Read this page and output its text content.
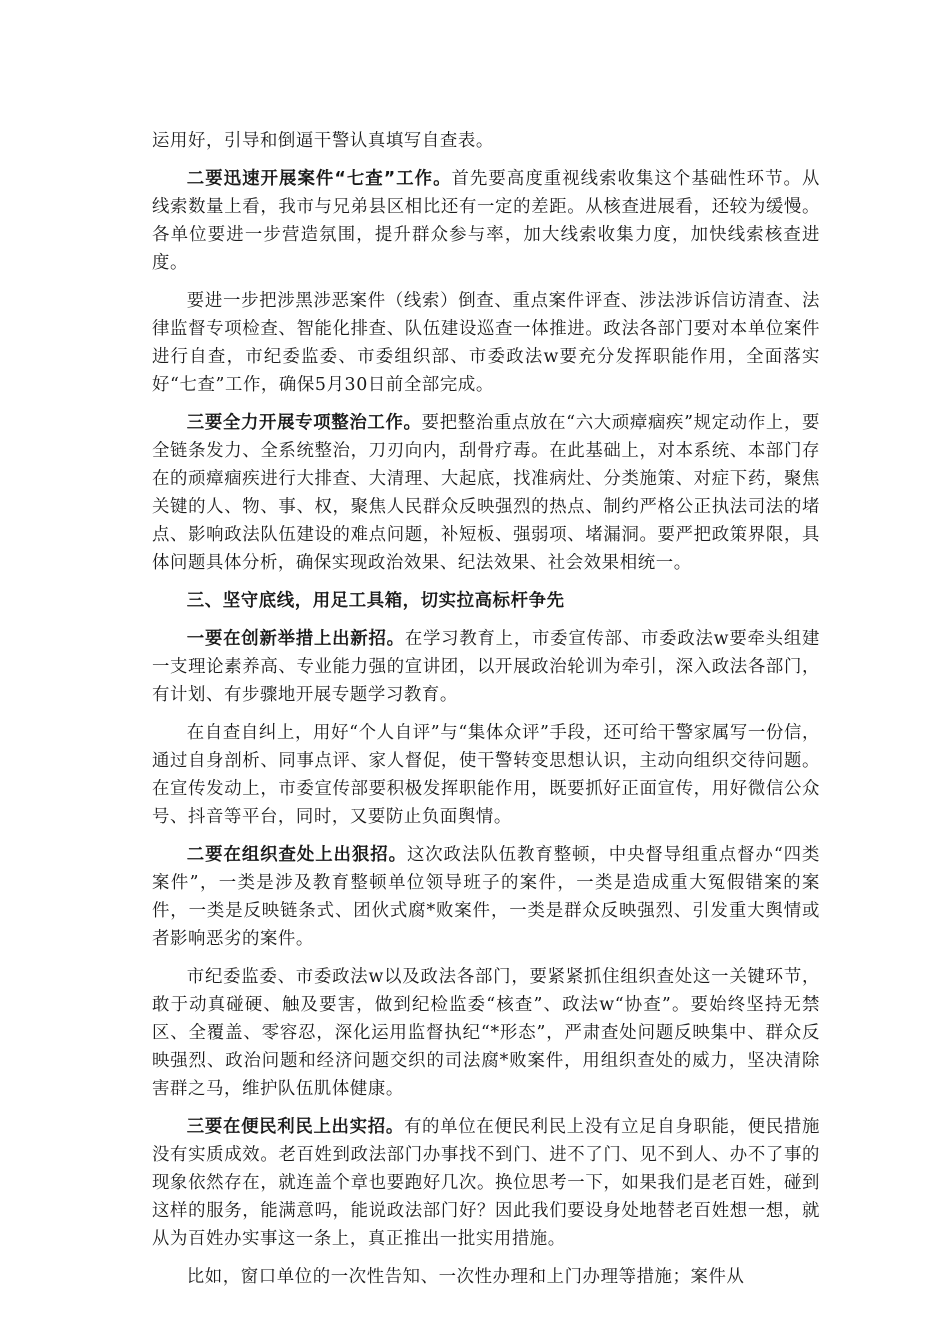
运用好，引导和倒逼干警认真填写自查表。

二要迅速开展案件“七查”工作。首先要高度重视线索收集这个基础性环节。从线索数量上看，我市与兄弟县区相比还有一定的差距。从核查进展看，还较为缓慢。各单位要进一步营造氛围，提升群众参与率，加大线索收集力度，加快线索核查进度。

要进一步把涉黑涉恶案件（线索）倒查、重点案件评查、涉法涉诉信访清查、法律监督专项检查、智能化排查、队伍建设巡查一体推进。政法各部门要对本单位案件进行自查，市纪委监委、市委组织部、市委政法w要充分发挥职能作用，全面落实好“七查”工作，确保5月30日前全部完成。

三要全力开展专项整治工作。要把整治重点放在“六大顽瘴痼疾”规定动作上，要全链条发力、全系统整治，刀刃向内，刮骨疗毒。在此基础上，对本系统、本部门存在的顽瘴痼疾进行大排查、大清理、大起底，找准病灶、分类施策、对症下药，聚焦关键的人、物、事、权，聚焦人民群众反映强烈的热点、制约严格公正执法司法的堵点、影响政法队伍建设的难点问题，补短板、强弱项、堵漏洞。要严把政策界限，具体问题具体分析，确保实现政治效果、纪法效果、社会效果相统一。

三、坚守底线，用足工具箱，切实拉高标杆争先

一要在创新举措上出新招。在学习教育上，市委宣传部、市委政法w要牵头组建一支理论素养高、专业能力强的宣讲团，以开展政治轮训为牵引，深入政法各部门，有计划、有步骤地开展专题学习教育。

在自查自纠上，用好“个人自评”与“集体众评”手段，还可给干警家属写一份信，通过自身剖析、同事点评、家人督促，使干警转变思想认识，主动向组织交待问题。在宣传发动上，市委宣传部要积极发挥职能作用，既要抓好正面宣传，用好微信公众号、抖音等平台，同时，又要防止负面舆情。

二要在组织查处上出狠招。这次政法队伍教育整顿，中央督导组重点督办“四类案件”，一类是涉及教育整顿单位领导班子的案件，一类是造成重大冤假错案的案件，一类是反映链条式、团伙式腐*败案件，一类是群众反映强烈、引发重大舆情或者影响恶劣的案件。

市纪委监委、市委政法w以及政法各部门，要紧紧抓住组织查处这一关键环节，敢于动真碰硬、触及要害，做到纪检监委“核查”、政法w“协查”。要始终坚持无禁区、全覆盖、零容忍，深化运用监督执纪“*形态”，严肃查处问题反映集中、群众反映强烈、政治问题和经济问题交织的司法腐*败案件，用组织查处的威力，坚决清除害群之马，维护队伍肌体健康。

三要在便民利民上出实招。有的单位在便民利民上没有立足自身职能，便民措施没有实质成效。老百姓到政法部门办事找不到门、进不了门、见不到人、办不了事的现象依然存在，就连盖个章也要跑好几次。换位思考一下，如果我们是老百姓，碰到这样的服务，能满意吗，能说政法部门好？因此我们要设身处地替老百姓想一想，就从为百姓办实事这一条上，真正推出一批实用措施。

比如，窗口单位的一次性告知、一次性办理和上门办理等措施；案件从
